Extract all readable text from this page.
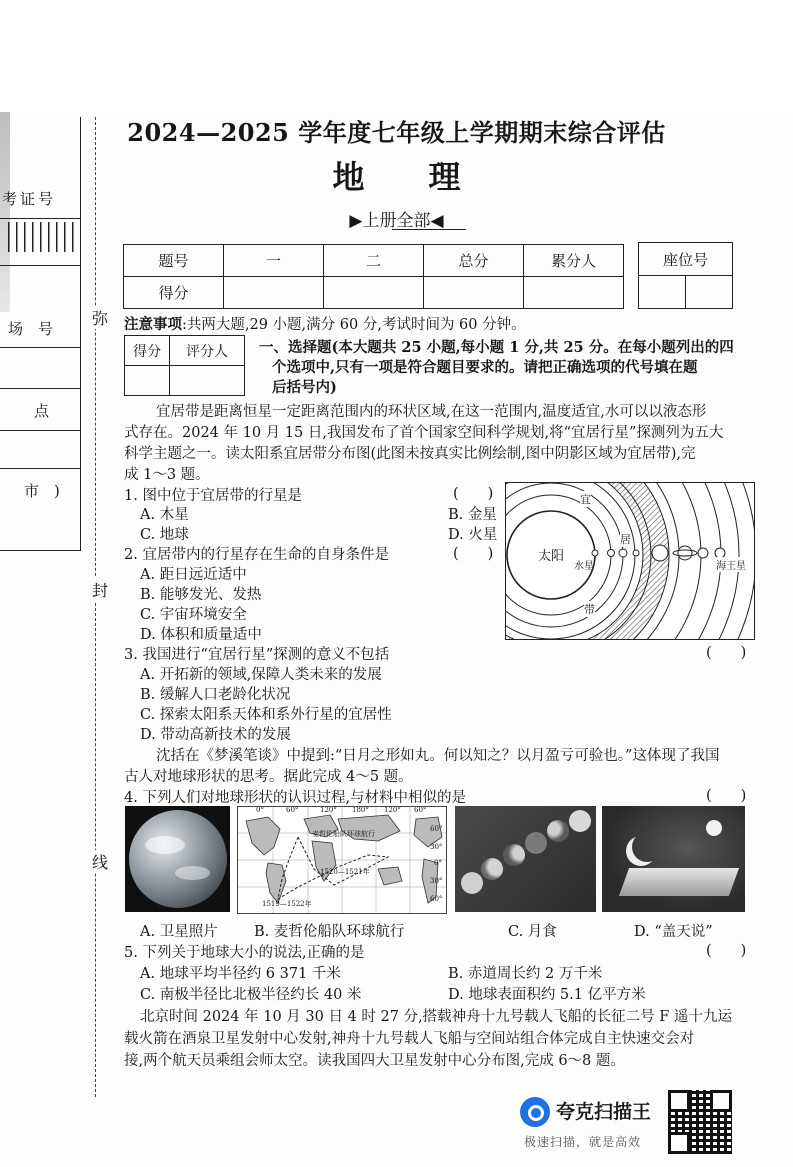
考证号
场　号
点
市　)
弥
封
线
2024—2025 学年度七年级上学期期末综合评估
地　　理
▶上册全部◀
题号	一	二	总分	累分人
得分				
座位号

注意事项:共两大题,29 小题,满分 60 分,考试时间为 60 分钟。
得分	评分人
	一、选择题(本大题共 25 小题,每小题 1 分,共 25 分。在每小题列出的四
个选项中,只有一项是符合题目要求的。请把正确选项的代号填在题
后括号内)
宜居带是距离恒星一定距离范围内的环状区域,在这一范围内,温度适宜,水可以以液态形
式存在。2024 年 10 月 15 日,我国发布了首个国家空间科学规划,将“宜居行星”探测列为五大
科学主题之一。读太阳系宜居带分布图(此图未按真实比例绘制,图中阴影区域为宜居带),完
成 1～3 题。
1. 图中位于宜居带的行星是	(　　)
A. 木星	B. 金星
C. 地球	D. 火星
2. 宜居带内的行星存在生命的自身条件是	(　　)
A. 距日远近适中
B. 能够发光、发热
C. 宇宙环境安全
D. 体积和质量适中
太阳
水星	海王星
宜
居
带
3. 我国进行“宜居行星”探测的意义不包括	(　　)
A. 开拓新的领域,保障人类未来的发展
B. 缓解人口老龄化状况
C. 探索太阳系天体和系外行星的宜居性
D. 带动高新技术的发展
沈括在《梦溪笔谈》中提到:“日月之形如丸。何以知之？以月盈亏可验也。”这体现了我国
古人对地球形状的思考。据此完成 4～5 题。
4. 下列人们对地球形状的认识过程,与材料中相似的是	(　　)
0°	60°	120° 180° 120° 60°
60°
30°
0°
30°
60°
麦哲伦船队环球航行
1519—1522年
1520—1521年
A. 卫星照片	B. 麦哲伦船队环球航行	C. 月食	D. “盖天说”
5. 下列关于地球大小的说法,正确的是	(　　)
A. 地球平均半径约 6 371 千米	B. 赤道周长约 2 万千米
C. 南极半径比北极半径约长 40 米	D. 地球表面积约 5.1 亿平方米
北京时间 2024 年 10 月 30 日 4 时 27 分,搭载神舟十九号载人飞船的长征二号 F 遥十九运
载火箭在酒泉卫星发射中心发射,神舟十九号载人飞船与空间站组合体完成自主快速交会对
接,两个航天员乘组会师太空。读我国四大卫星发射中心分布图,完成 6～8 题。
夸克扫描王
极速扫描，就是高效
